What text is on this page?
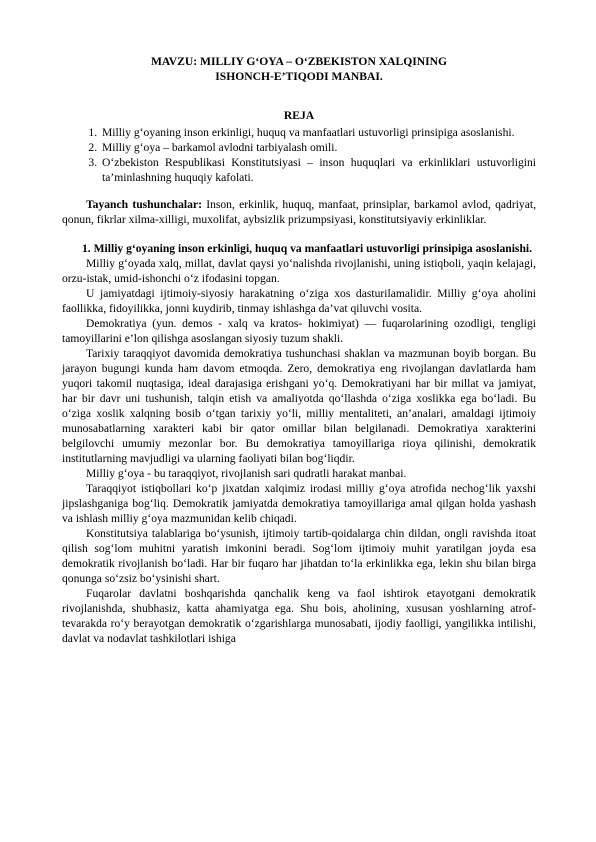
MAVZU: MILLIY G‘OYA – O‘ZBEKISTON XALQINING
ISHONCH-E’TIQODI MANBAI.
REJA
1. Milliy g‘oyaning inson erkinligi, huquq va manfaatlari ustuvorligi prinsipiga asoslanishi.
2. Milliy g‘oya – barkamol avlodni tarbiyalash omili.
3. O‘zbekiston Respublikasi Konstitutsiyasi – inson huquqlari va erkinliklari ustuvorligini ta’minlashning huquqiy kafolati.

Tayanch tushunchalar: Inson, erkinlik, huquq, manfaat, prinsiplar, barkamol avlod, qadriyat, qonun, fikrlar xilma-xilligi, muxolifat, aybsizlik prizumpsiyasi, konstitutsiyaviy erkinliklar.

1. Milliy g‘oyaning inson erkinligi, huquq va manfaatlari ustuvorligi prinsipiga asoslanishi.

Milliy g‘oyada xalq, millat, davlat qaysi yo‘nalishda rivojlanishi, uning istiqboli, yaqin kelajagi, orzu-istak, umid-ishonchi o‘z ifodasini topgan.

U jamiyatdagi ijtimoiy-siyosiy harakatning o‘ziga xos dasturilamalidir. Milliy g‘oya aholini faollikka, fidoyilikka, jonni kuydirib, tinmay ishlashga da’vat qiluvchi vosita.

Demokratiya (yun. demos - xalq va kratos- hokimiyat) — fuqarolarining ozodligi, tengligi tamoyillarini e’lon qilishga asoslangan siyosiy tuzum shakli.

Tarixiy taraqqiyot davomida demokratiya tushunchasi shaklan va mazmunan boyib borgan. Bu jarayon bugungi kunda ham davom etmoqda. Zero, demokratiya eng rivojlangan davlatlarda ham yuqori takomil nuqtasiga, ideal darajasiga erishgani yo‘q. Demokratiyani har bir millat va jamiyat, har bir davr uni tushunish, talqin etish va amaliyotda qo‘llashda o‘ziga xoslikka ega bo‘ladi. Bu o‘ziga xoslik xalqning bosib o‘tgan tarixiy yo‘li, milliy mentaliteti, an’analari, amaldagi ijtimoiy munosabatlarning xarakteri kabi bir qator omillar bilan belgilanadi. Demokratiya xarakterini belgilovchi umumiy mezonlar bor. Bu demokratiya tamoyillariga rioya qilinishi, demokratik institutlarning mavjudligi va ularning faoliyati bilan bog‘liqdir.

Milliy g‘oya - bu taraqqiyot, rivojlanish sari qudratli harakat manbai.

Taraqqiyot istiqbollari ko‘p jixatdan xalqimiz irodasi milliy g‘oya atrofida nechog‘lik yaxshi jipslashganiga bog‘liq. Demokratik jamiyatda demokratiya tamoyillariga amal qilgan holda yashash va ishlash milliy g‘oya mazmunidan kelib chiqadi.

Konstitutsiya talablariga bo‘ysunish, ijtimoiy tartib-qoidalarga chin dildan, ongli ravishda itoat qilish sog‘lom muhitni yaratish imkonini beradi. Sog‘lom ijtimoiy muhit yaratilgan joyda esa demokratik rivojlanish bo‘ladi. Har bir fuqaro har jihatdan to‘la erkinlikka ega, lekin shu bilan birga qonunga so‘zsiz bo‘ysinishi shart.

Fuqarolar davlatni boshqarishda qanchalik keng va faol ishtirok etayotgani demokratik rivojlanishda, shubhasiz, katta ahamiyatga ega. Shu bois, aholining, xususan yoshlarning atrof-tevarakda ro‘y berayotgan demokratik o‘zgarishlarga munosabati, ijodiy faolligi, yangilikka intilishi, davlat va nodavlat tashkilotlari ishiga
